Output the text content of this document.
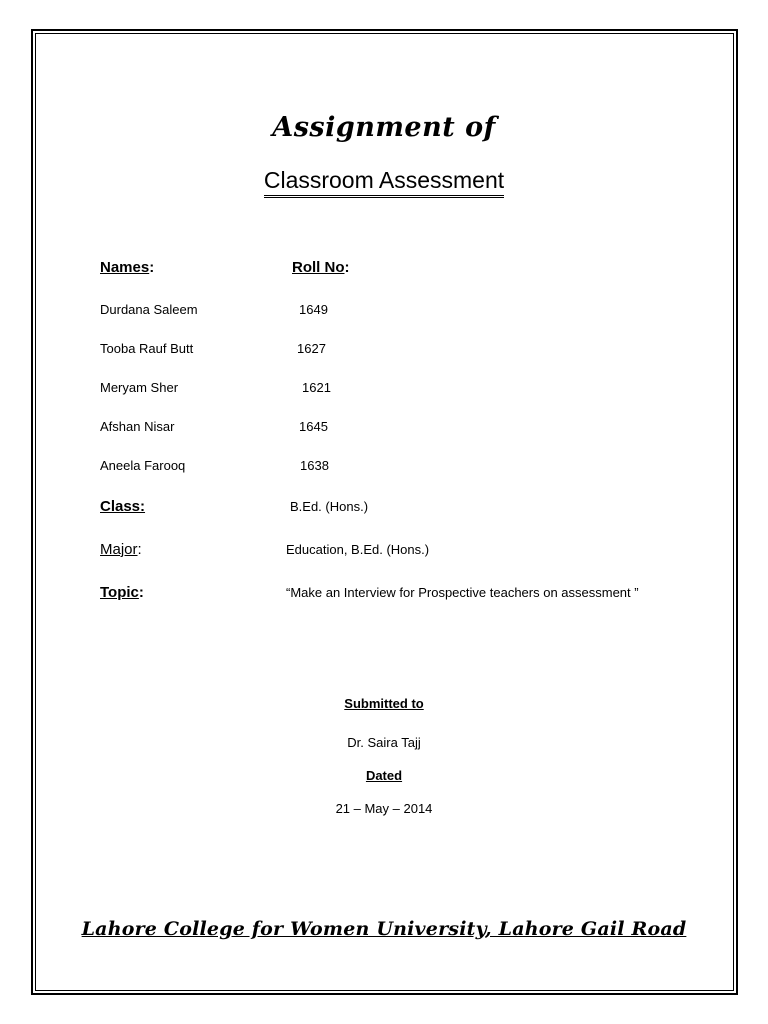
Assignment of
Classroom Assessment
Names:	Roll No:
Durdana Saleem	1649
Tooba Rauf Butt	1627
Meryam Sher	1621
Afshan Nisar	1645
Aneela Farooq	1638
Class:	B.Ed. (Hons.)
Major:	Education, B.Ed. (Hons.)
Topic:	“Make an Interview for Prospective teachers on assessment ”
Submitted to
Dr. Saira Tajj
Dated
21 – May – 2014
Lahore College for Women University, Lahore Gail Road
